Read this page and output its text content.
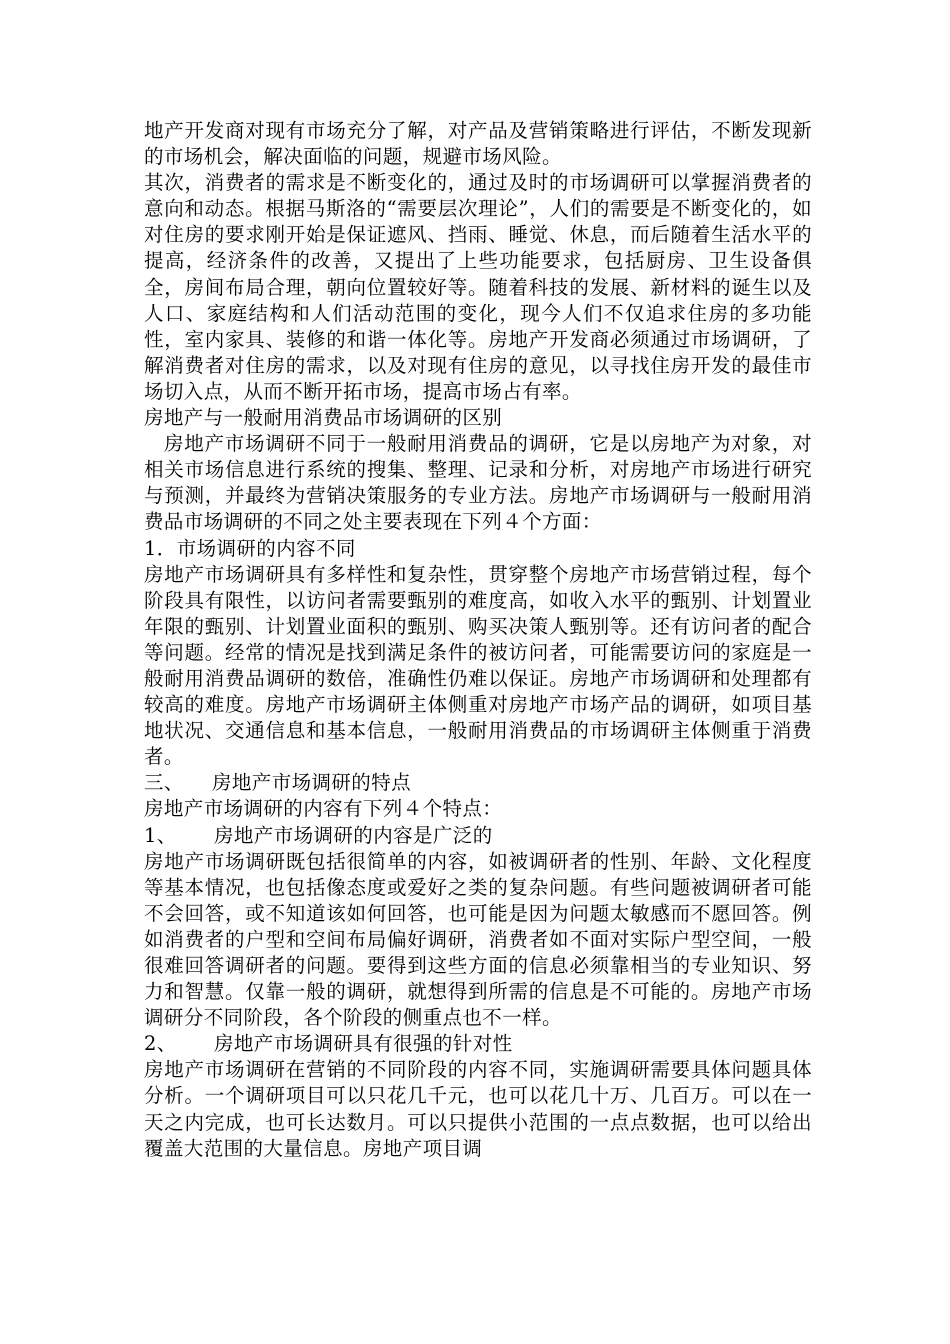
地产开发商对现有市场充分了解，对产品及营销策略进行评估，不断发现新的市场机会，解决面临的问题，规避市场风险。

其次，消费者的需求是不断变化的，通过及时的市场调研可以掌握消费者的意向和动态。根据马斯洛的“需要层次理论”，人们的需要是不断变化的，如对住房的要求刚开始是保证遮风、挡雨、睡觉、休息，而后随着生活水平的提高，经济条件的改善，又提出了上些功能要求，包括厨房、卫生设备俱全，房间布局合理，朝向位置较好等。随着科技的发展、新材料的诞生以及人口、家庭结构和人们活动范围的变化，现今人们不仅追求住房的多功能性，室内家具、装修的和谐一体化等。房地产开发商必须通过市场调研，了解消费者对住房的需求，以及对现有住房的意见，以寻找住房开发的最佳市场切入点，从而不断开拓市场，提高市场占有率。

房地产与一般耐用消费品市场调研的区别

房地产市场调研不同于一般耐用消费品的调研，它是以房地产为对象，对相关市场信息进行系统的搜集、整理、记录和分析，对房地产市场进行研究与预测，并最终为营销决策服务的专业方法。房地产市场调研与一般耐用消费品市场调研的不同之处主要表现在下列４个方面：

1．市场调研的内容不同

房地产市场调研具有多样性和复杂性，贯穿整个房地产市场营销过程，每个阶段具有限性，以访问者需要甄别的难度高，如收入水平的甄别、计划置业年限的甄别、计划置业面积的甄别、购买决策人甄别等。还有访问者的配合等问题。经常的情况是找到满足条件的被访问者，可能需要访问的家庭是一般耐用消费品调研的数倍，准确性仍难以保证。房地产市场调研和处理都有较高的难度。房地产市场调研主体侧重对房地产市场产品的调研，如项目基地状况、交通信息和基本信息，一般耐用消费品的市场调研主体侧重于消费者。

三、 房地产市场调研的特点

房地产市场调研的内容有下列４个特点：

1、 房地产市场调研的内容是广泛的

房地产市场调研既包括很简单的内容，如被调研者的性别、年龄、文化程度等基本情况，也包括像态度或爱好之类的复杂问题。有些问题被调研者可能不会回答，或不知道该如何回答，也可能是因为问题太敏感而不愿回答。例如消费者的户型和空间布局偏好调研，消费者如不面对实际户型空间，一般很难回答调研者的问题。要得到这些方面的信息必须靠相当的专业知识、努力和智慧。仅靠一般的调研，就想得到所需的信息是不可能的。房地产市场调研分不同阶段，各个阶段的侧重点也不一样。

2、 房地产市场调研具有很强的针对性

房地产市场调研在营销的不同阶段的内容不同，实施调研需要具体问题具体分析。一个调研项目可以只花几千元，也可以花几十万、几百万。可以在一天之内完成，也可长达数月。可以只提供小范围的一点点数据，也可以给出覆盖大范围的大量信息。房地产项目调
